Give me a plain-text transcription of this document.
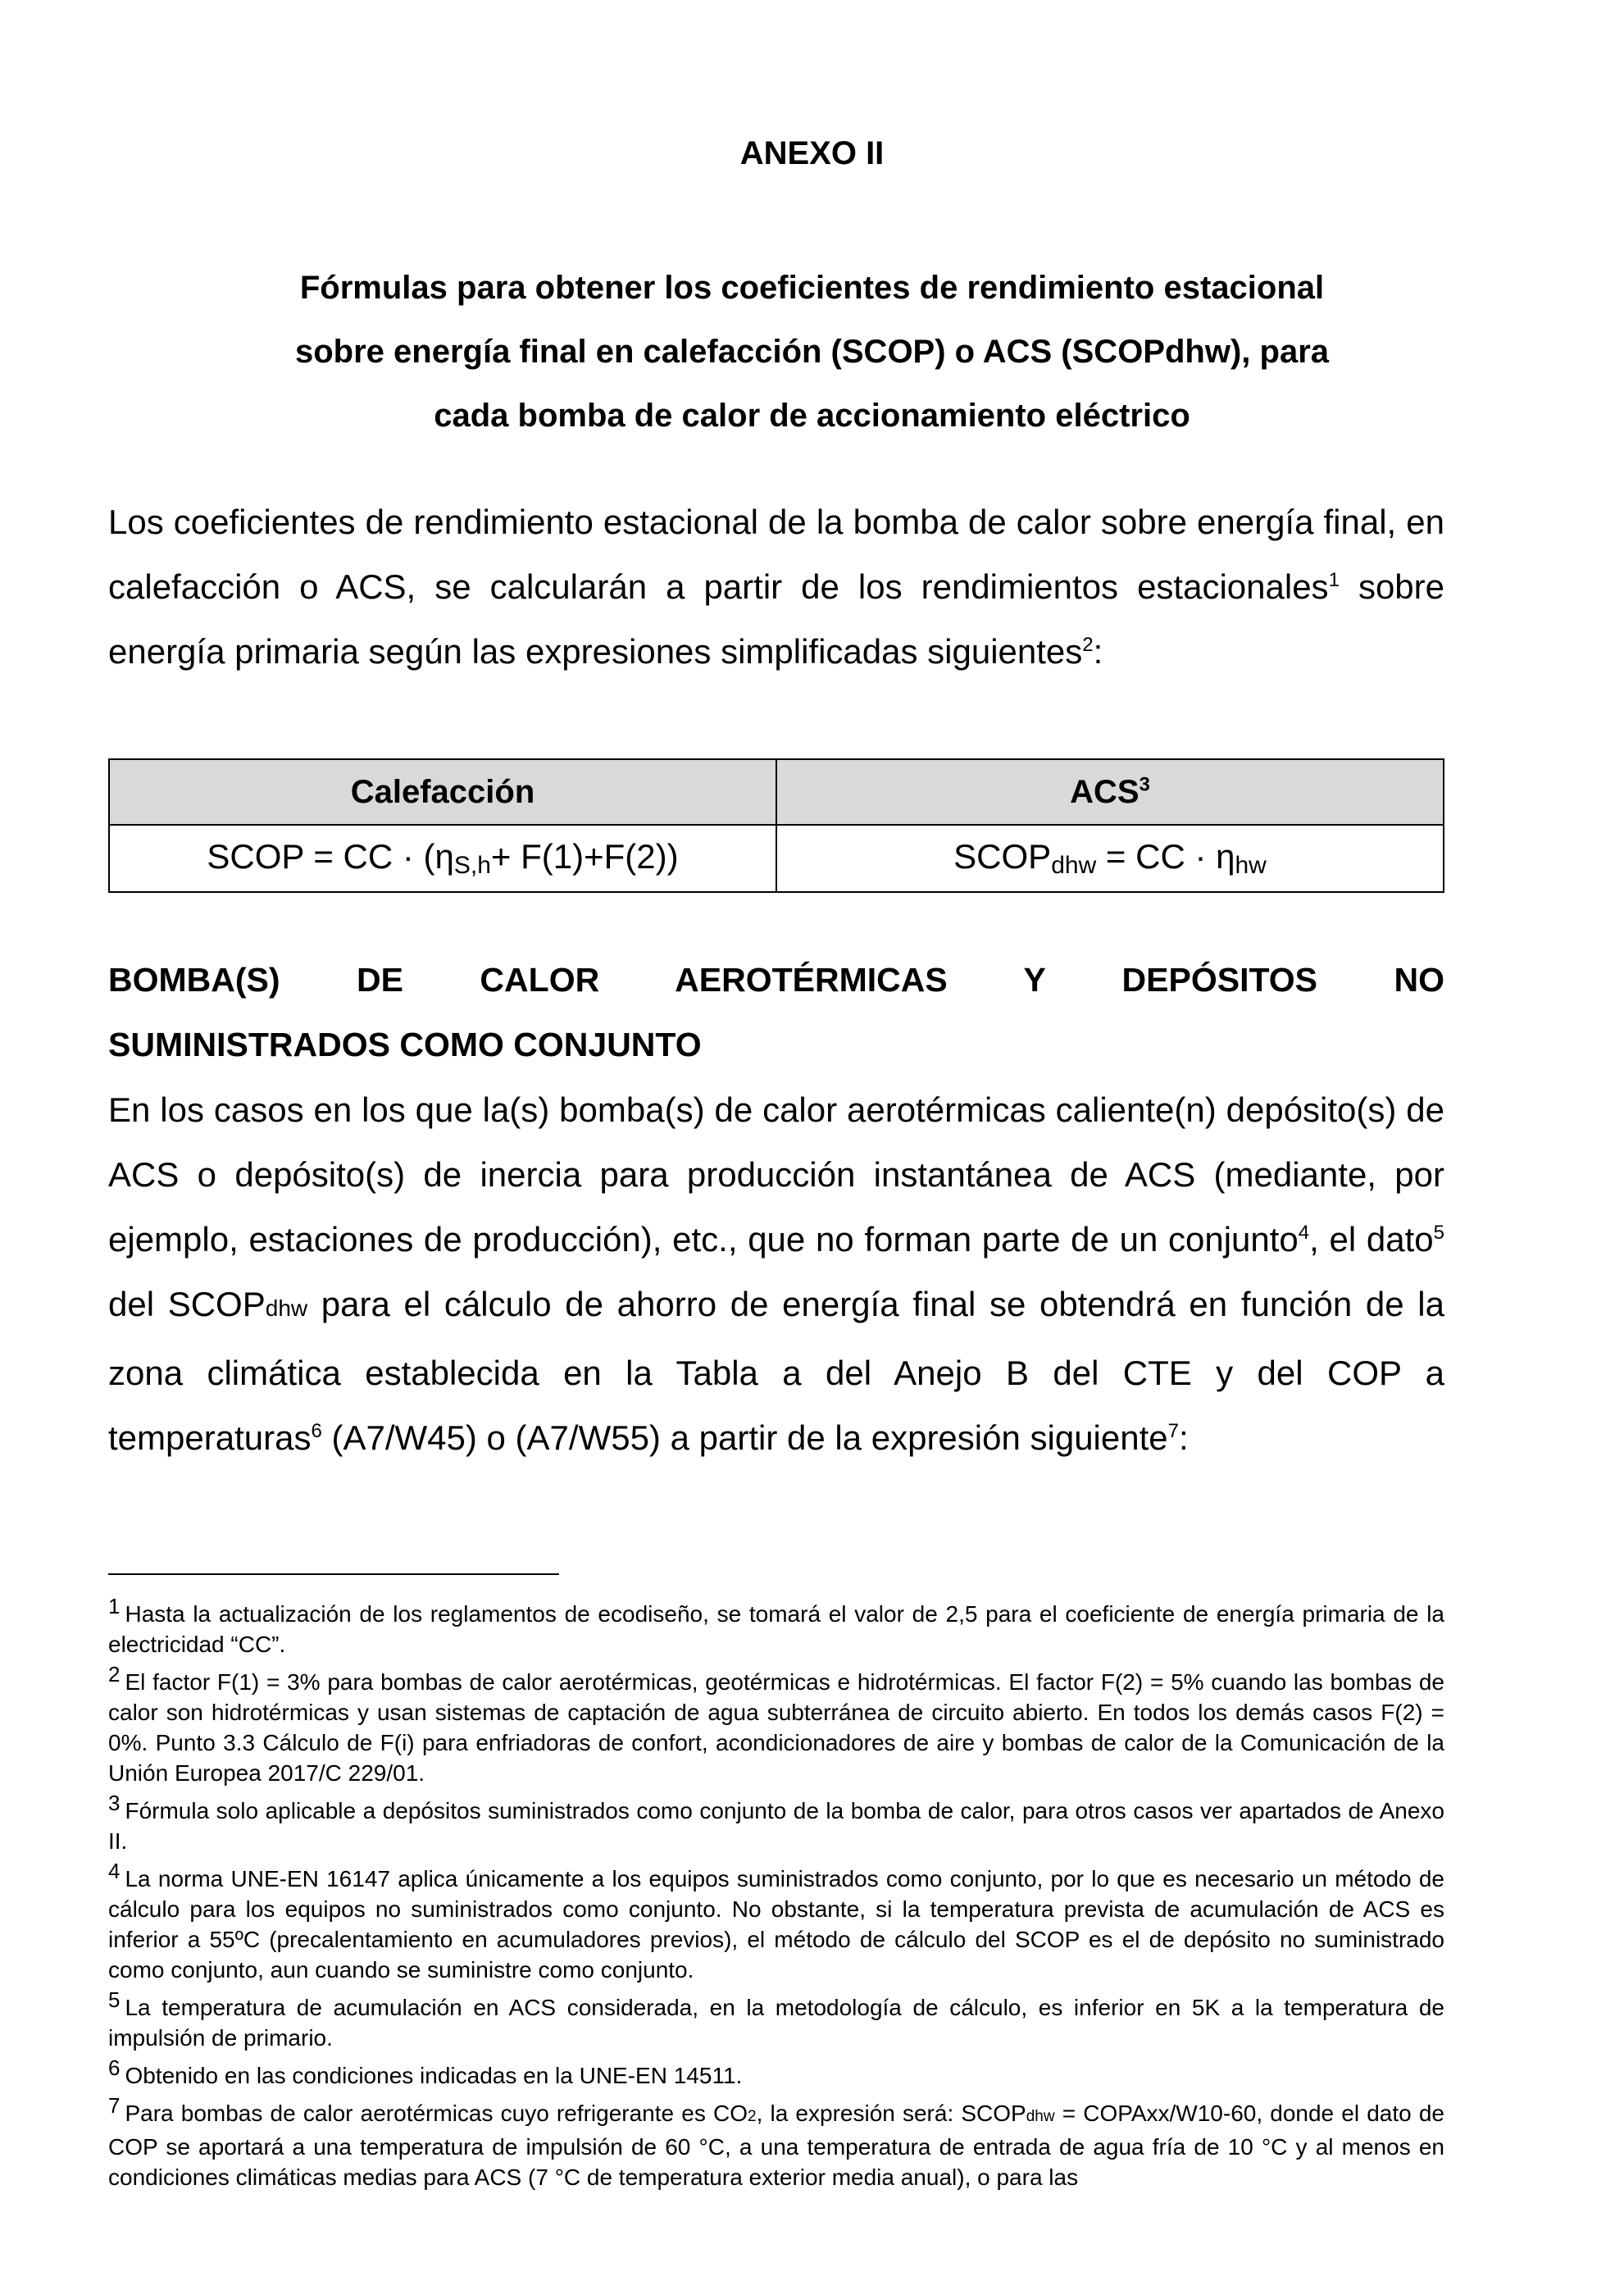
ANEXO II
Fórmulas para obtener los coeficientes de rendimiento estacional
sobre energía final en calefacción (SCOP) o ACS (SCOPdhw), para
cada bomba de calor de accionamiento eléctrico

Los coeficientes de rendimiento estacional de la bomba de calor sobre energía final, en calefacción o ACS, se calcularán a partir de los rendimientos estacionales$^1$ sobre energía primaria según las expresiones simplificadas siguientes$^2$:

Calefacción	ACS$^3$
SCOP = CC · (ηS,h+ F(1)+F(2))	SCOPdhw = CC · ηhw
BOMBA(S) DE CALOR AEROTÉRMICAS Y DEPÓSITOS NO
SUMINISTRADOS COMO CONJUNTO

En los casos en los que la(s) bomba(s) de calor aerotérmicas caliente(n) depósito(s) de ACS o depósito(s) de inercia para producción instantánea de ACS (mediante, por ejemplo, estaciones de producción), etc., que no forman parte de un conjunto$^4$, el dato$^5$ del SCOPdhw para el cálculo de ahorro de energía final se obtendrá en función de la zona climática establecida en la Tabla a del Anejo B del CTE y del COP a temperaturas$^6$ (A7/W45) o (A7/W55) a partir de la expresión siguiente$^7$:

1 Hasta la actualización de los reglamentos de ecodiseño, se tomará el valor de 2,5 para el coeficiente de energía primaria de la electricidad “CC”.

2 El factor F(1) = 3% para bombas de calor aerotérmicas, geotérmicas e hidrotérmicas. El factor F(2) = 5% cuando las bombas de calor son hidrotérmicas y usan sistemas de captación de agua subterránea de circuito abierto. En todos los demás casos F(2) = 0%. Punto 3.3 Cálculo de F(i) para enfriadoras de confort, acondicionadores de aire y bombas de calor de la Comunicación de la Unión Europea 2017/C 229/01.

3 Fórmula solo aplicable a depósitos suministrados como conjunto de la bomba de calor, para otros casos ver apartados de Anexo II.

4 La norma UNE-EN 16147 aplica únicamente a los equipos suministrados como conjunto, por lo que es necesario un método de cálculo para los equipos no suministrados como conjunto. No obstante, si la temperatura prevista de acumulación de ACS es inferior a 55ºC (precalentamiento en acumuladores previos), el método de cálculo del SCOP es el de depósito no suministrado como conjunto, aun cuando se suministre como conjunto.

5 La temperatura de acumulación en ACS considerada, en la metodología de cálculo, es inferior en 5K a la temperatura de impulsión de primario.

6 Obtenido en las condiciones indicadas en la UNE-EN 14511.

7 Para bombas de calor aerotérmicas cuyo refrigerante es CO2, la expresión será: SCOPdhw = COPAxx/W10-60, donde el dato de COP se aportará a una temperatura de impulsión de 60 °C, a una temperatura de entrada de agua fría de 10 °C y al menos en condiciones climáticas medias para ACS (7 °C de temperatura exterior media anual), o para las
